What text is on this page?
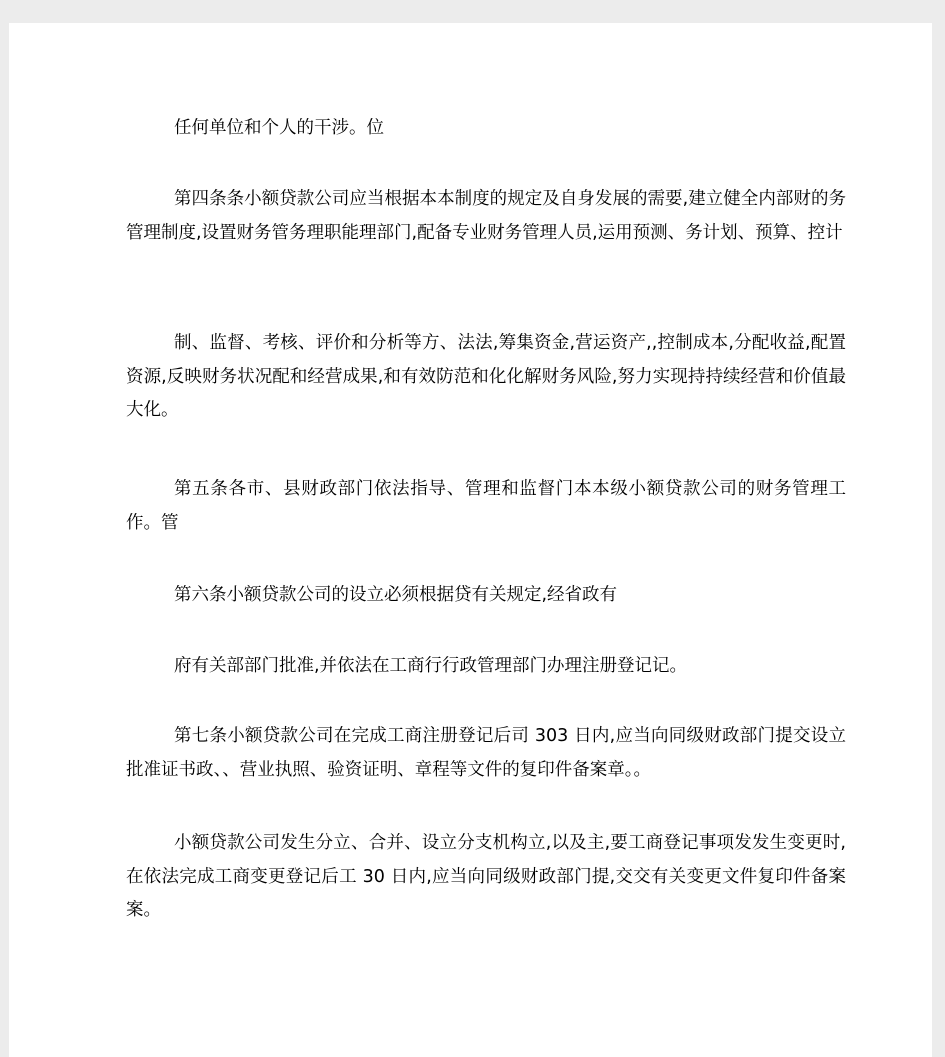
任何单位和个人的干涉。位

第四条条小额贷款公司应当根据本本制度的规定及自身发展的需要,建立健全内部财的务管理制度,设置财务管务理职能理部门,配备专业财务管理人员,运用预测、务计划、预算、控计

制、监督、考核、评价和分析等方、法法,筹集资金,营运资产,,控制成本,分配收益,配置资源,反映财务状况配和经营成果,和有效防范和化化解财务风险,努力实现持持续经营和价值最大化。

第五条各市、县财政部门依法指导、管理和监督门本本级小额贷款公司的财务管理工作。管

第六条小额贷款公司的设立必须根据贷有关规定,经省政有

府有关部部门批准,并依法在工商行行政管理部门办理注册登记记。

第七条小额贷款公司在完成工商注册登记后司 303 日内,应当向同级财政部门提交设立批准证书政、、营业执照、验资证明、章程等文件的复印件备案章。。

小额贷款公司发生分立、合并、设立分支机构立,以及主,要工商登记事项发发生变更时,在依法完成工商变更登记后工 30 日内,应当向同级财政部门提,交交有关变更文件复印件备案案。
